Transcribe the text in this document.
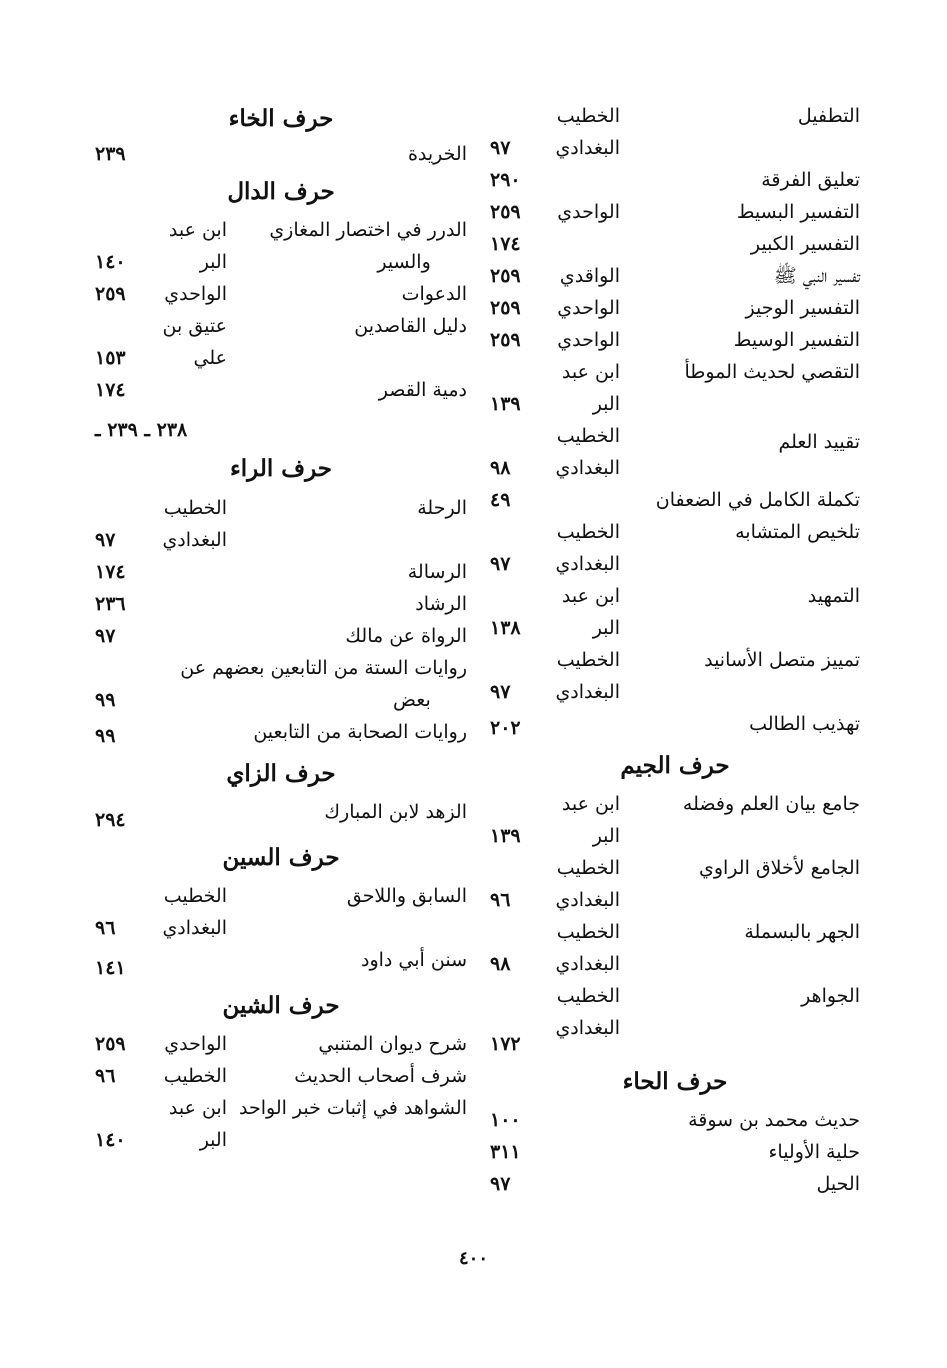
التطفيل
الخطيب
البغدادي
٩٧
تعليق الفرقة
٢٩٠
التفسير البسيط
الواحدي
٢٥٩
التفسير الكبير
١٧٤
تفسير النبي ﷺ
الواقدي
٢٥٩
التفسير الوجيز
الواحدي
٢٥٩
التفسير الوسيط
الواحدي
٢٥٩
التقصي لحديث الموطأ
ابن عبد
البر
١٣٩
تقييد العلم
الخطيب
البغدادي
٩٨
تكملة الكامل في الضعفان
٤٩
تلخيص المتشابه
الخطيب
البغدادي
٩٧
التمهيد
ابن عبد
البر
١٣٨
تمييز متصل الأسانيد
الخطيب
البغدادي
٩٧
تهذيب الطالب
٢٠٢
حرف الجيم
جامع بيان العلم وفضله
ابن عبد
البر
١٣٩
الجامع لأخلاق الراوي
الخطيب
البغدادي
٩٦
الجهر بالبسملة
الخطيب
البغدادي
٩٨
الجواهر
الخطيب
البغدادي
١٧٢
حرف الحاء
حديث محمد بن سوقة
١٠٠
حلية الأولياء
٣١١
الحيل
٩٧
حرف الخاء
الخريدة
٢٣٩
حرف الدال
الدرر في اختصار المغازي
والسير
ابن عبد
البر
١٤٠
الدعوات
الواحدي
٢٥٩
دليل القاصدين
عتيق بن
علي
١٥٣
دمية القصر
١٧٤
٢٣٨ ـ ٢٣٩ ـ
حرف الراء
الرحلة
الخطيب
البغدادي
٩٧
الرسالة
١٧٤
الرشاد
٢٣٦
الرواة عن مالك
٩٧
روايات الستة من التابعين بعضهم عن
بعض
٩٩
روايات الصحابة من التابعين
٩٩
حرف الزاي
الزهد لابن المبارك
٢٩٤
حرف السين
السابق واللاحق
الخطيب
البغدادي
٩٦
سنن أبي داود
١٤١
حرف الشين
شرح ديوان المتنبي
الواحدي
٢٥٩
شرف أصحاب الحديث
الخطيب
٩٦
الشواهد في إثبات خبر الواحد
ابن عبد
البر
١٤٠
٤٠٠
